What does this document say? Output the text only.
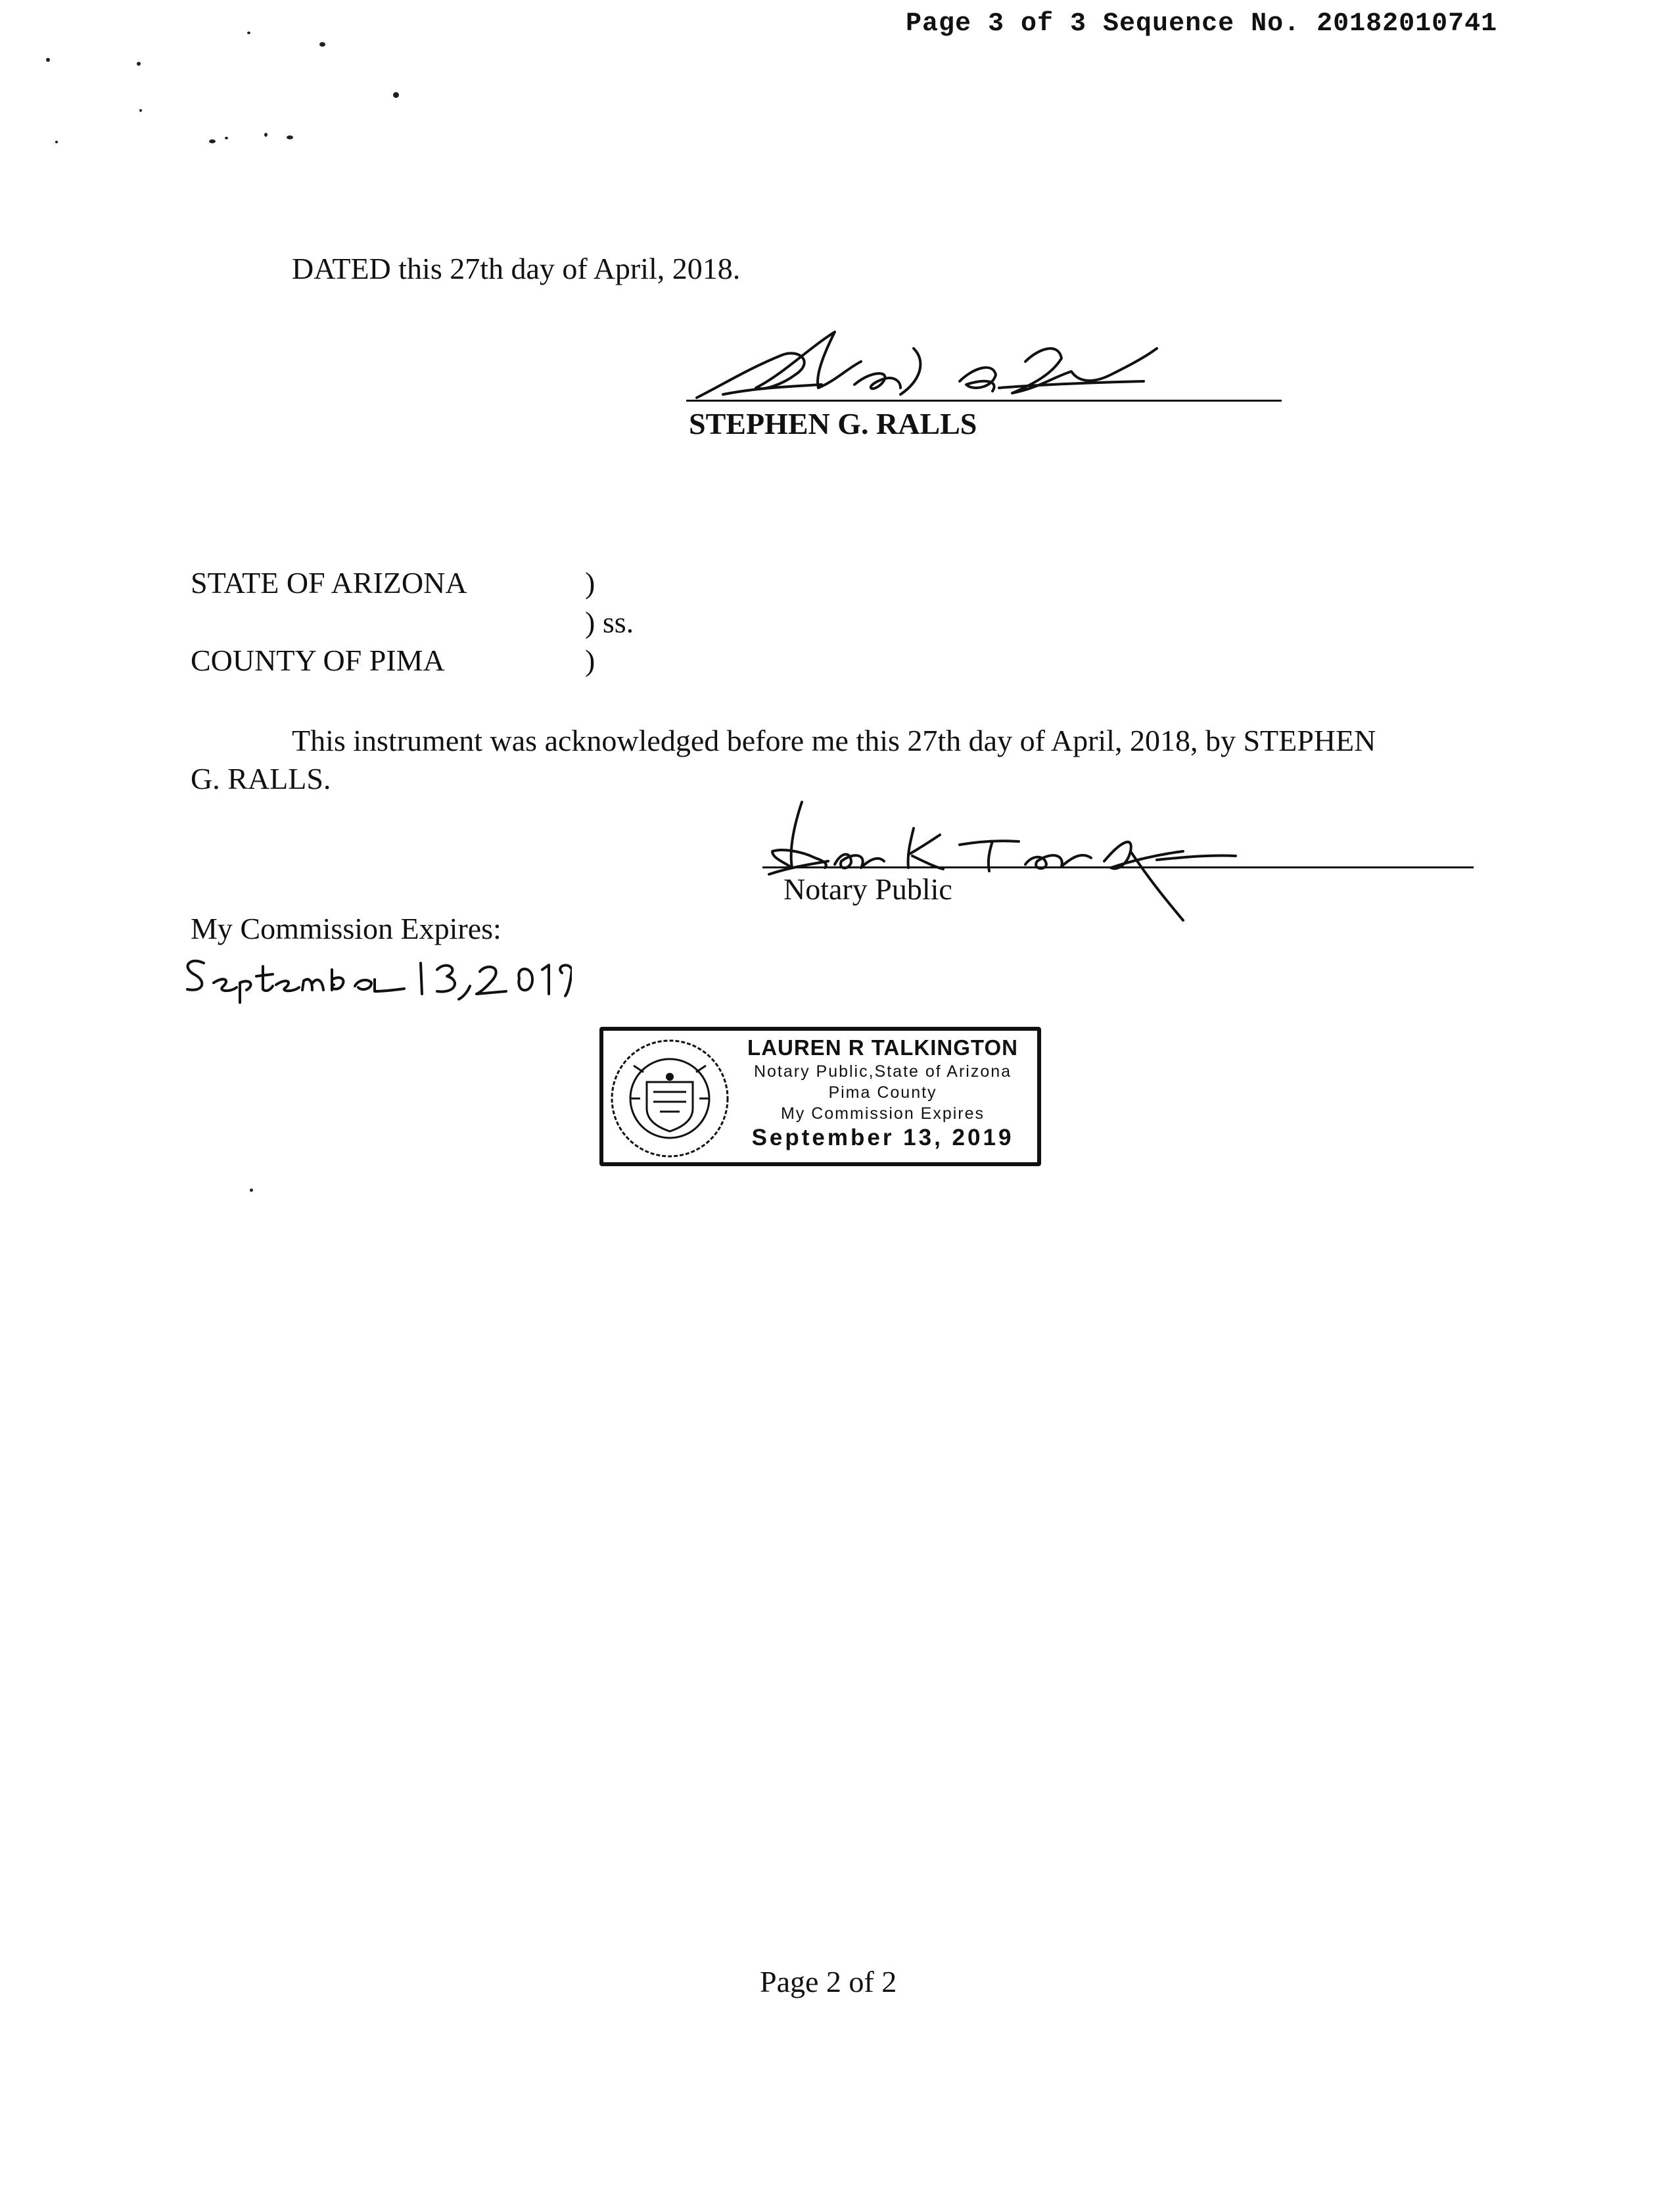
Page 3 of 3 Sequence No. 20182010741
DATED this 27th day of April, 2018.
STEPHEN G. RALLS
STATE OF ARIZONA	)
) ss.
COUNTY OF PIMA	)
This instrument was acknowledged before me this 27th day of April, 2018, by STEPHEN
G. RALLS.
Notary Public
My Commission Expires:
LAUREN R TALKINGTON
Notary Public,State of Arizona
Pima County
My Commission Expires
September 13, 2019
Page 2 of 2
